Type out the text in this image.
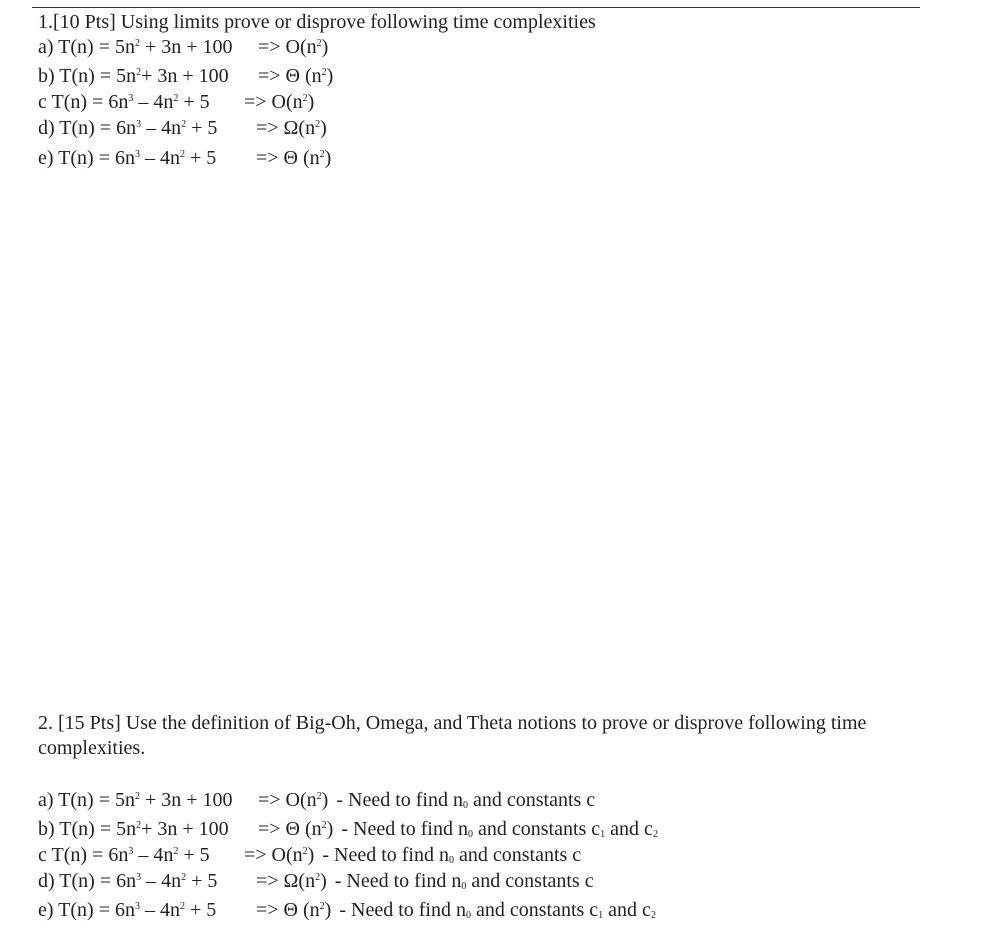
1.[10 Pts] Using limits prove or disprove following time complexities
a) $T(n) = 5n^2 + 3n + 100=> O(n^2)$
b) $T(n) = 5n^2+ 3n + 100=> \Theta$ $(n^2)$
c $T(n) = 6n^3 - 4n^2 + 5=> O(n^2)$
d) $T(n) = 6n^3 - 4n^2 + 5=> \Omega(n^2)$
e) $T(n) = 6n^3 - 4n^2 + 5=> \Theta$ $(n^2)$
2. [15 Pts] Use the definition of Big-Oh, Omega, and Theta notions to prove or disprove following time
complexities.
a) $T(n) = 5n^2 + 3n + 100=> O(n^2)$ - Need to find $n_0$ and constants c
b) $T(n) = 5n^2+ 3n + 100=> \Theta$ $(n^2)-$ Need to find $n_0$ and constants $c_1$ and $c_2$
c $T(n) = 6n^3 - 4n^2 + 5=> O(n^2)-$ Need to find $n_0$ and constants c
d) $T(n) = 6n^3 - 4n^2 + 5=> \Omega(n^2)$ - Need to find $n_0$ and constants c
e) $T(n) = 6n^3 - 4n^2 + 5=> \Theta$ $(n^2)$ - Need to find $n_0$ and constants $c_1$ and $c_2$
